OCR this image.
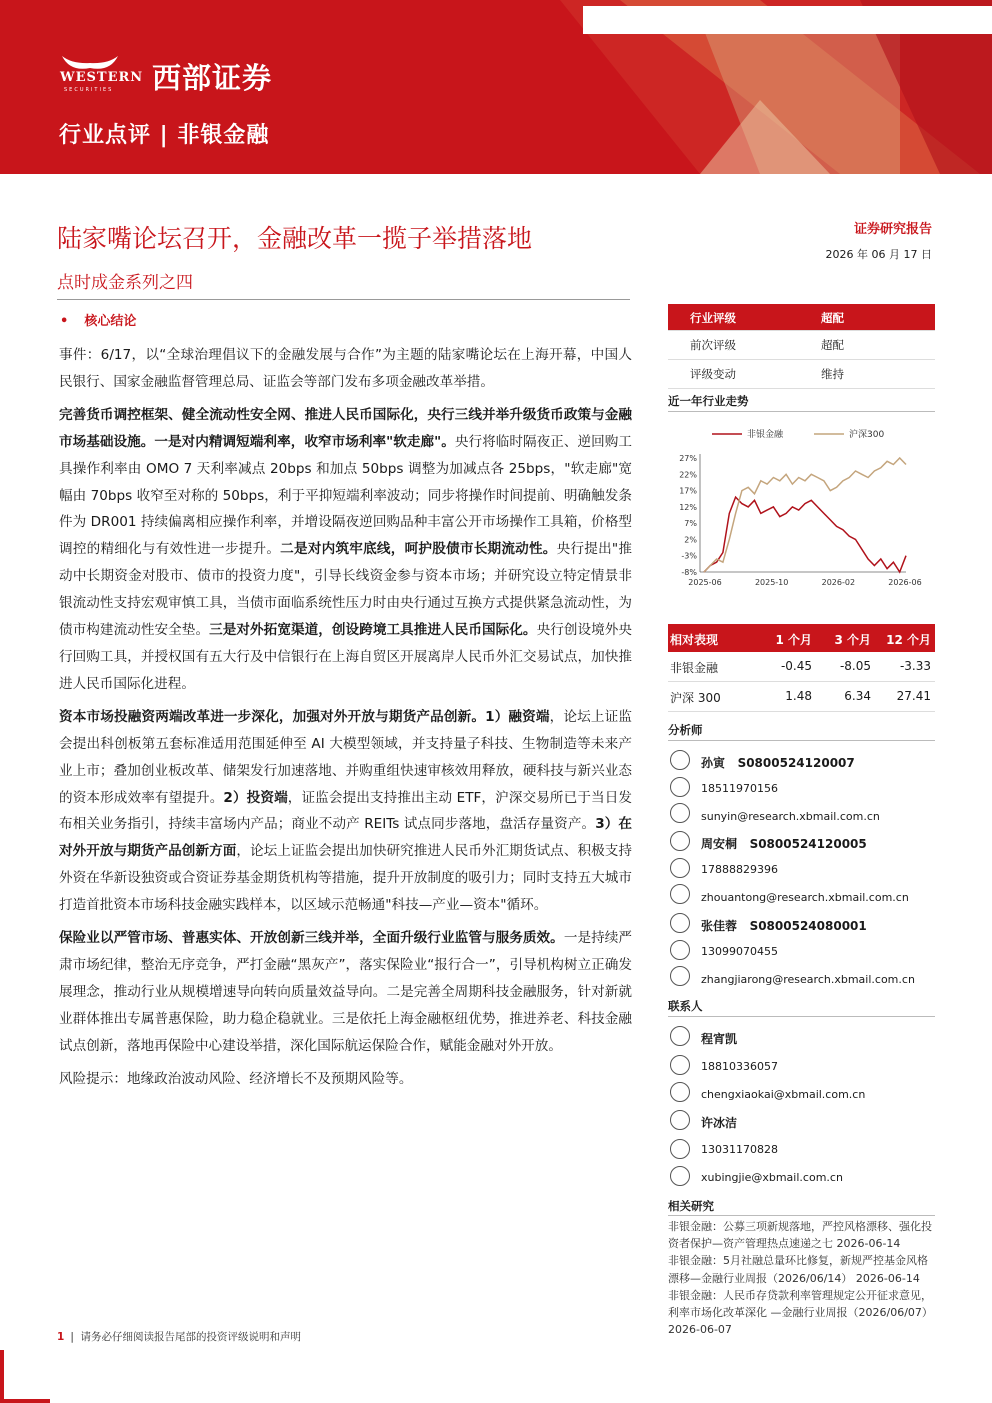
WESTERN
SECURITIES 西部证券
行业点评 | 非银金融
陆家嘴论坛召开，金融改革一揽子举措落地
点时成金系列之四
证券研究报告
2026 年 06 月 17 日
• 核心结论

事件：6/17，以“全球治理倡议下的金融发展与合作”为主题的陆家嘴论坛在上海开幕，中国人民银行、国家金融监督管理总局、证监会等部门发布多项金融改革举措。

完善货币调控框架、健全流动性安全网、推进人民币国际化，央行三线并举升级货币政策与金融市场基础设施。一是对内精调短端利率，收窄市场利率"软走廊"。央行将临时隔夜正、逆回购工具操作利率由 OMO 7 天利率减点 20bps 和加点 50bps 调整为加减点各 25bps，"软走廊"宽幅由 70bps 收窄至对称的 50bps，利于平抑短端利率波动；同步将操作时间提前、明确触发条件为 DR001 持续偏离相应操作利率，并增设隔夜逆回购品种丰富公开市场操作工具箱，价格型调控的精细化与有效性进一步提升。二是对内筑牢底线，呵护股债市长期流动性。央行提出"推动中长期资金对股市、债市的投资力度"，引导长线资金参与资本市场；并研究设立特定情景非银流动性支持宏观审慎工具，当债市面临系统性压力时由央行通过互换方式提供紧急流动性，为债市构建流动性安全垫。三是对外拓宽渠道，创设跨境工具推进人民币国际化。央行创设境外央行回购工具，并授权国有五大行及中信银行在上海自贸区开展离岸人民币外汇交易试点，加快推进人民币国际化进程。

资本市场投融资两端改革进一步深化，加强对外开放与期货产品创新。1）融资端，论坛上证监会提出科创板第五套标准适用范围延伸至 AI 大模型领域，并支持量子科技、生物制造等未来产业上市；叠加创业板改革、储架发行加速落地、并购重组快速审核效用释放，硬科技与新兴业态的资本形成效率有望提升。2）投资端，证监会提出支持推出主动 ETF，沪深交易所已于当日发布相关业务指引，持续丰富场内产品；商业不动产 REITs 试点同步落地，盘活存量资产。3）在对外开放与期货产品创新方面，论坛上证监会提出加快研究推进人民币外汇期货试点、积极支持外资在华新设独资或合资证券基金期货机构等措施，提升开放制度的吸引力；同时支持五大城市打造首批资本市场科技金融实践样本，以区域示范畅通"科技—产业—资本"循环。

保险业以严管市场、普惠实体、开放创新三线并举，全面升级行业监管与服务质效。一是持续严肃市场纪律，整治无序竞争，严打金融“黑灰产”，落实保险业“报行合一”，引导机构树立正确发展理念，推动行业从规模增速导向转向质量效益导向。二是完善全周期科技金融服务，针对新就业群体推出专属普惠保险，助力稳企稳就业。三是依托上海金融枢纽优势，推进养老、科技金融试点创新，落地再保险中心建设举措，深化国际航运保险合作，赋能金融对外开放。

风险提示：地缘政治波动风险、经济增长不及预期风险等。

行业评级	超配
前次评级	超配
评级变动	维持
近一年行业走势
非银金融	沪深300
27%
22%
17%
12%
7%
2%
-3%
-8%
2025-06	2025-10	2026-02	2026-06
相对表现	1 个月 3 个月 12 个月
非银金融	-0.45 -8.05 -3.33
沪深 300	1.48	6.34 27.41
分析师
孙寅 S0800524120007
18511970156
sunyin@research.xbmail.com.cn
周安桐 S0800524120005
17888829396
zhouantong@research.xbmail.com.cn
张佳蓉 S0800524080001
13099070455
zhangjiarong@research.xbmail.com.cn
联系人
程宵凯
18810336057
chengxiaokai@xbmail.com.cn
许冰洁
13031170828
xubingjie@xbmail.com.cn
相关研究

非银金融：公募三项新规落地，严控风格漂移、强化投资者保护—资产管理热点速递之七 2026-06-14

非银金融：5月社融总量环比修复，新规严控基金风格漂移—金融行业周报（2026/06/14） 2026-06-14

非银金融：人民币存贷款利率管理规定公开征求意见，利率市场化改革深化 —金融行业周报（2026/06/07） 2026-06-07

1 | 请务必仔细阅读报告尾部的投资评级说明和声明
